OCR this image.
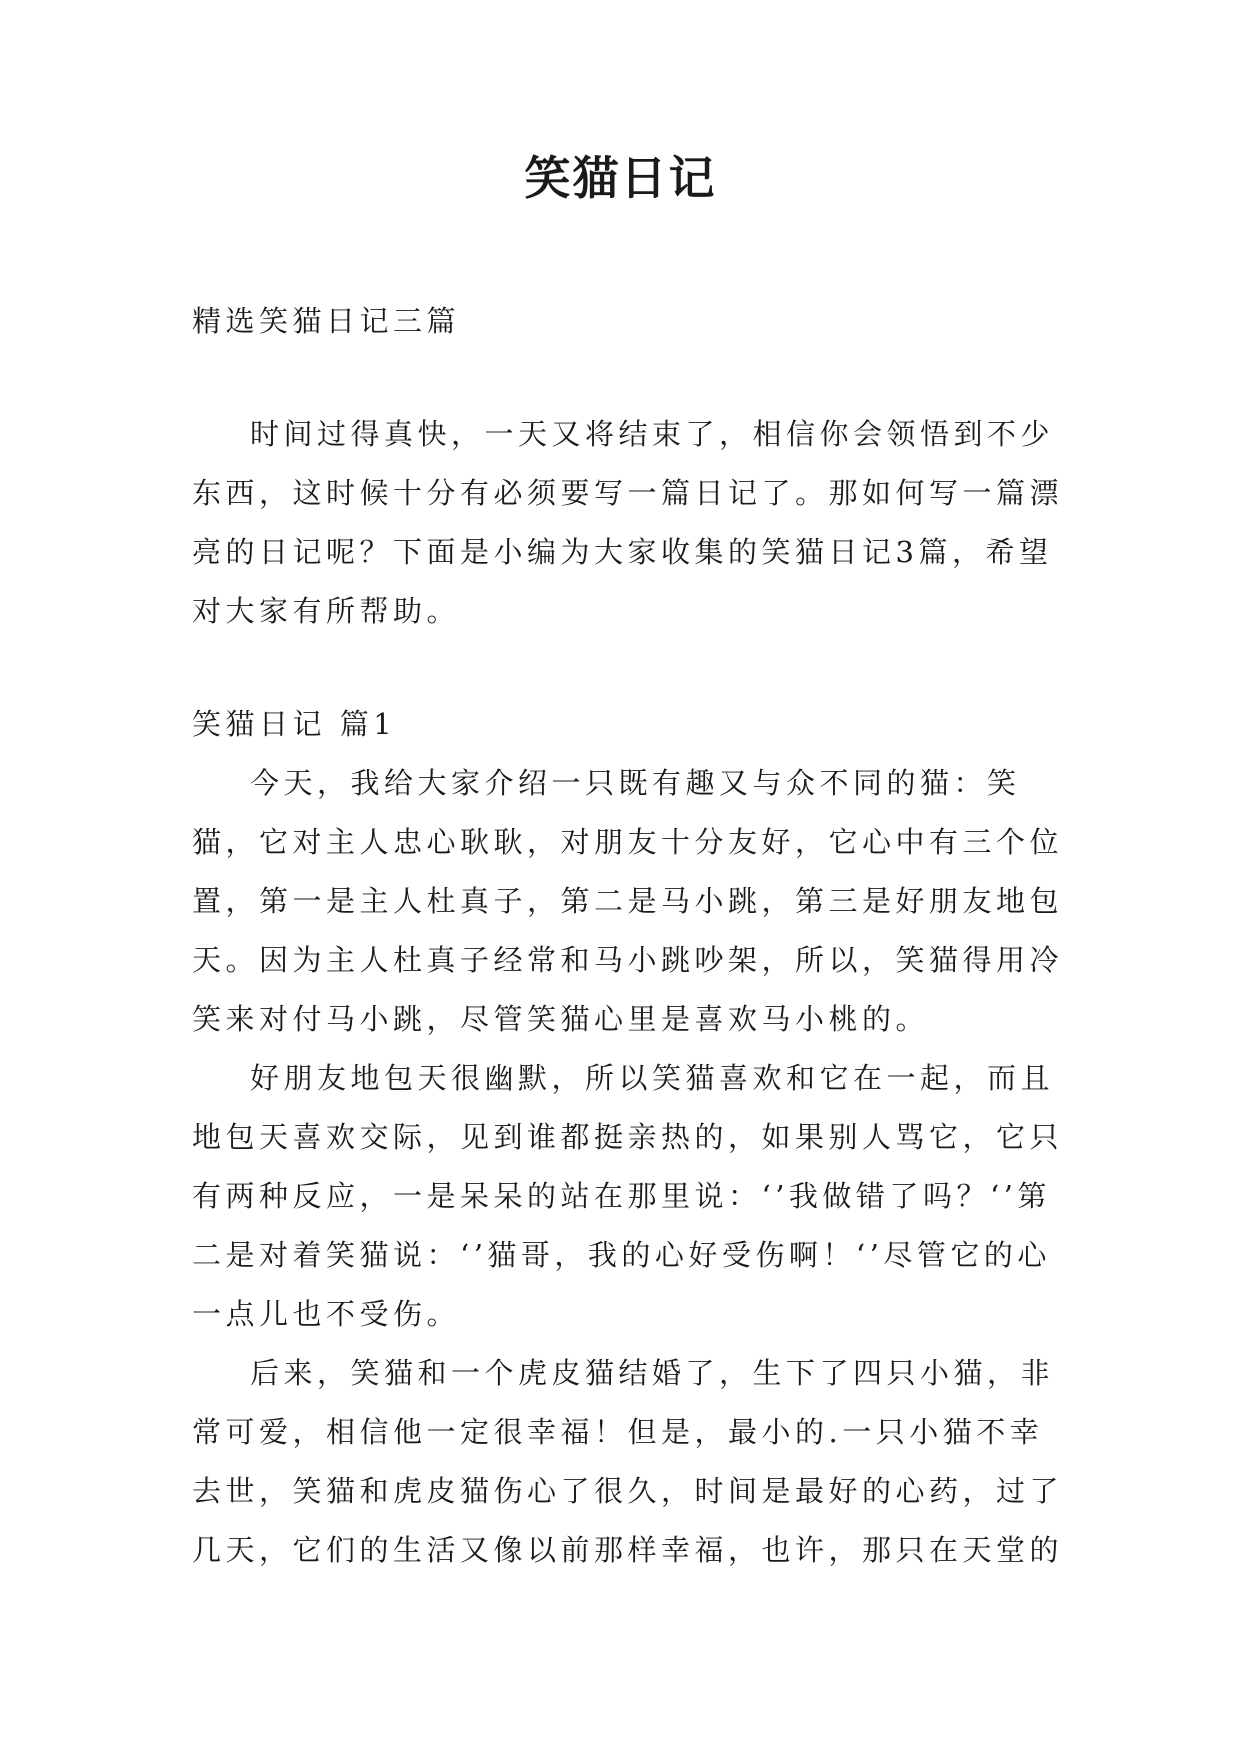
笑猫日记

精选笑猫日记三篇

时间过得真快，一天又将结束了，相信你会领悟到不少东西，这时候十分有必须要写一篇日记了。那如何写一篇漂亮的日记呢？下面是小编为大家收集的笑猫日记3篇，希望对大家有所帮助。

笑猫日记 篇1

今天，我给大家介绍一只既有趣又与众不同的猫：笑猫，它对主人忠心耿耿，对朋友十分友好，它心中有三个位置，第一是主人杜真子，第二是马小跳，第三是好朋友地包天。因为主人杜真子经常和马小跳吵架，所以，笑猫得用冷笑来对付马小跳，尽管笑猫心里是喜欢马小桃的。

好朋友地包天很幽默，所以笑猫喜欢和它在一起，而且地包天喜欢交际，见到谁都挺亲热的，如果别人骂它，它只有两种反应，一是呆呆的站在那里说：‘’我做错了吗？‘’第二是对着笑猫说：‘’猫哥，我的心好受伤啊！‘’尽管它的心一点儿也不受伤。

后来，笑猫和一个虎皮猫结婚了，生下了四只小猫，非常可爱，相信他一定很幸福！但是，最小的.一只小猫不幸去世，笑猫和虎皮猫伤心了很久，时间是最好的心药，过了几天，它们的生活又像以前那样幸福，也许，那只在天堂的
